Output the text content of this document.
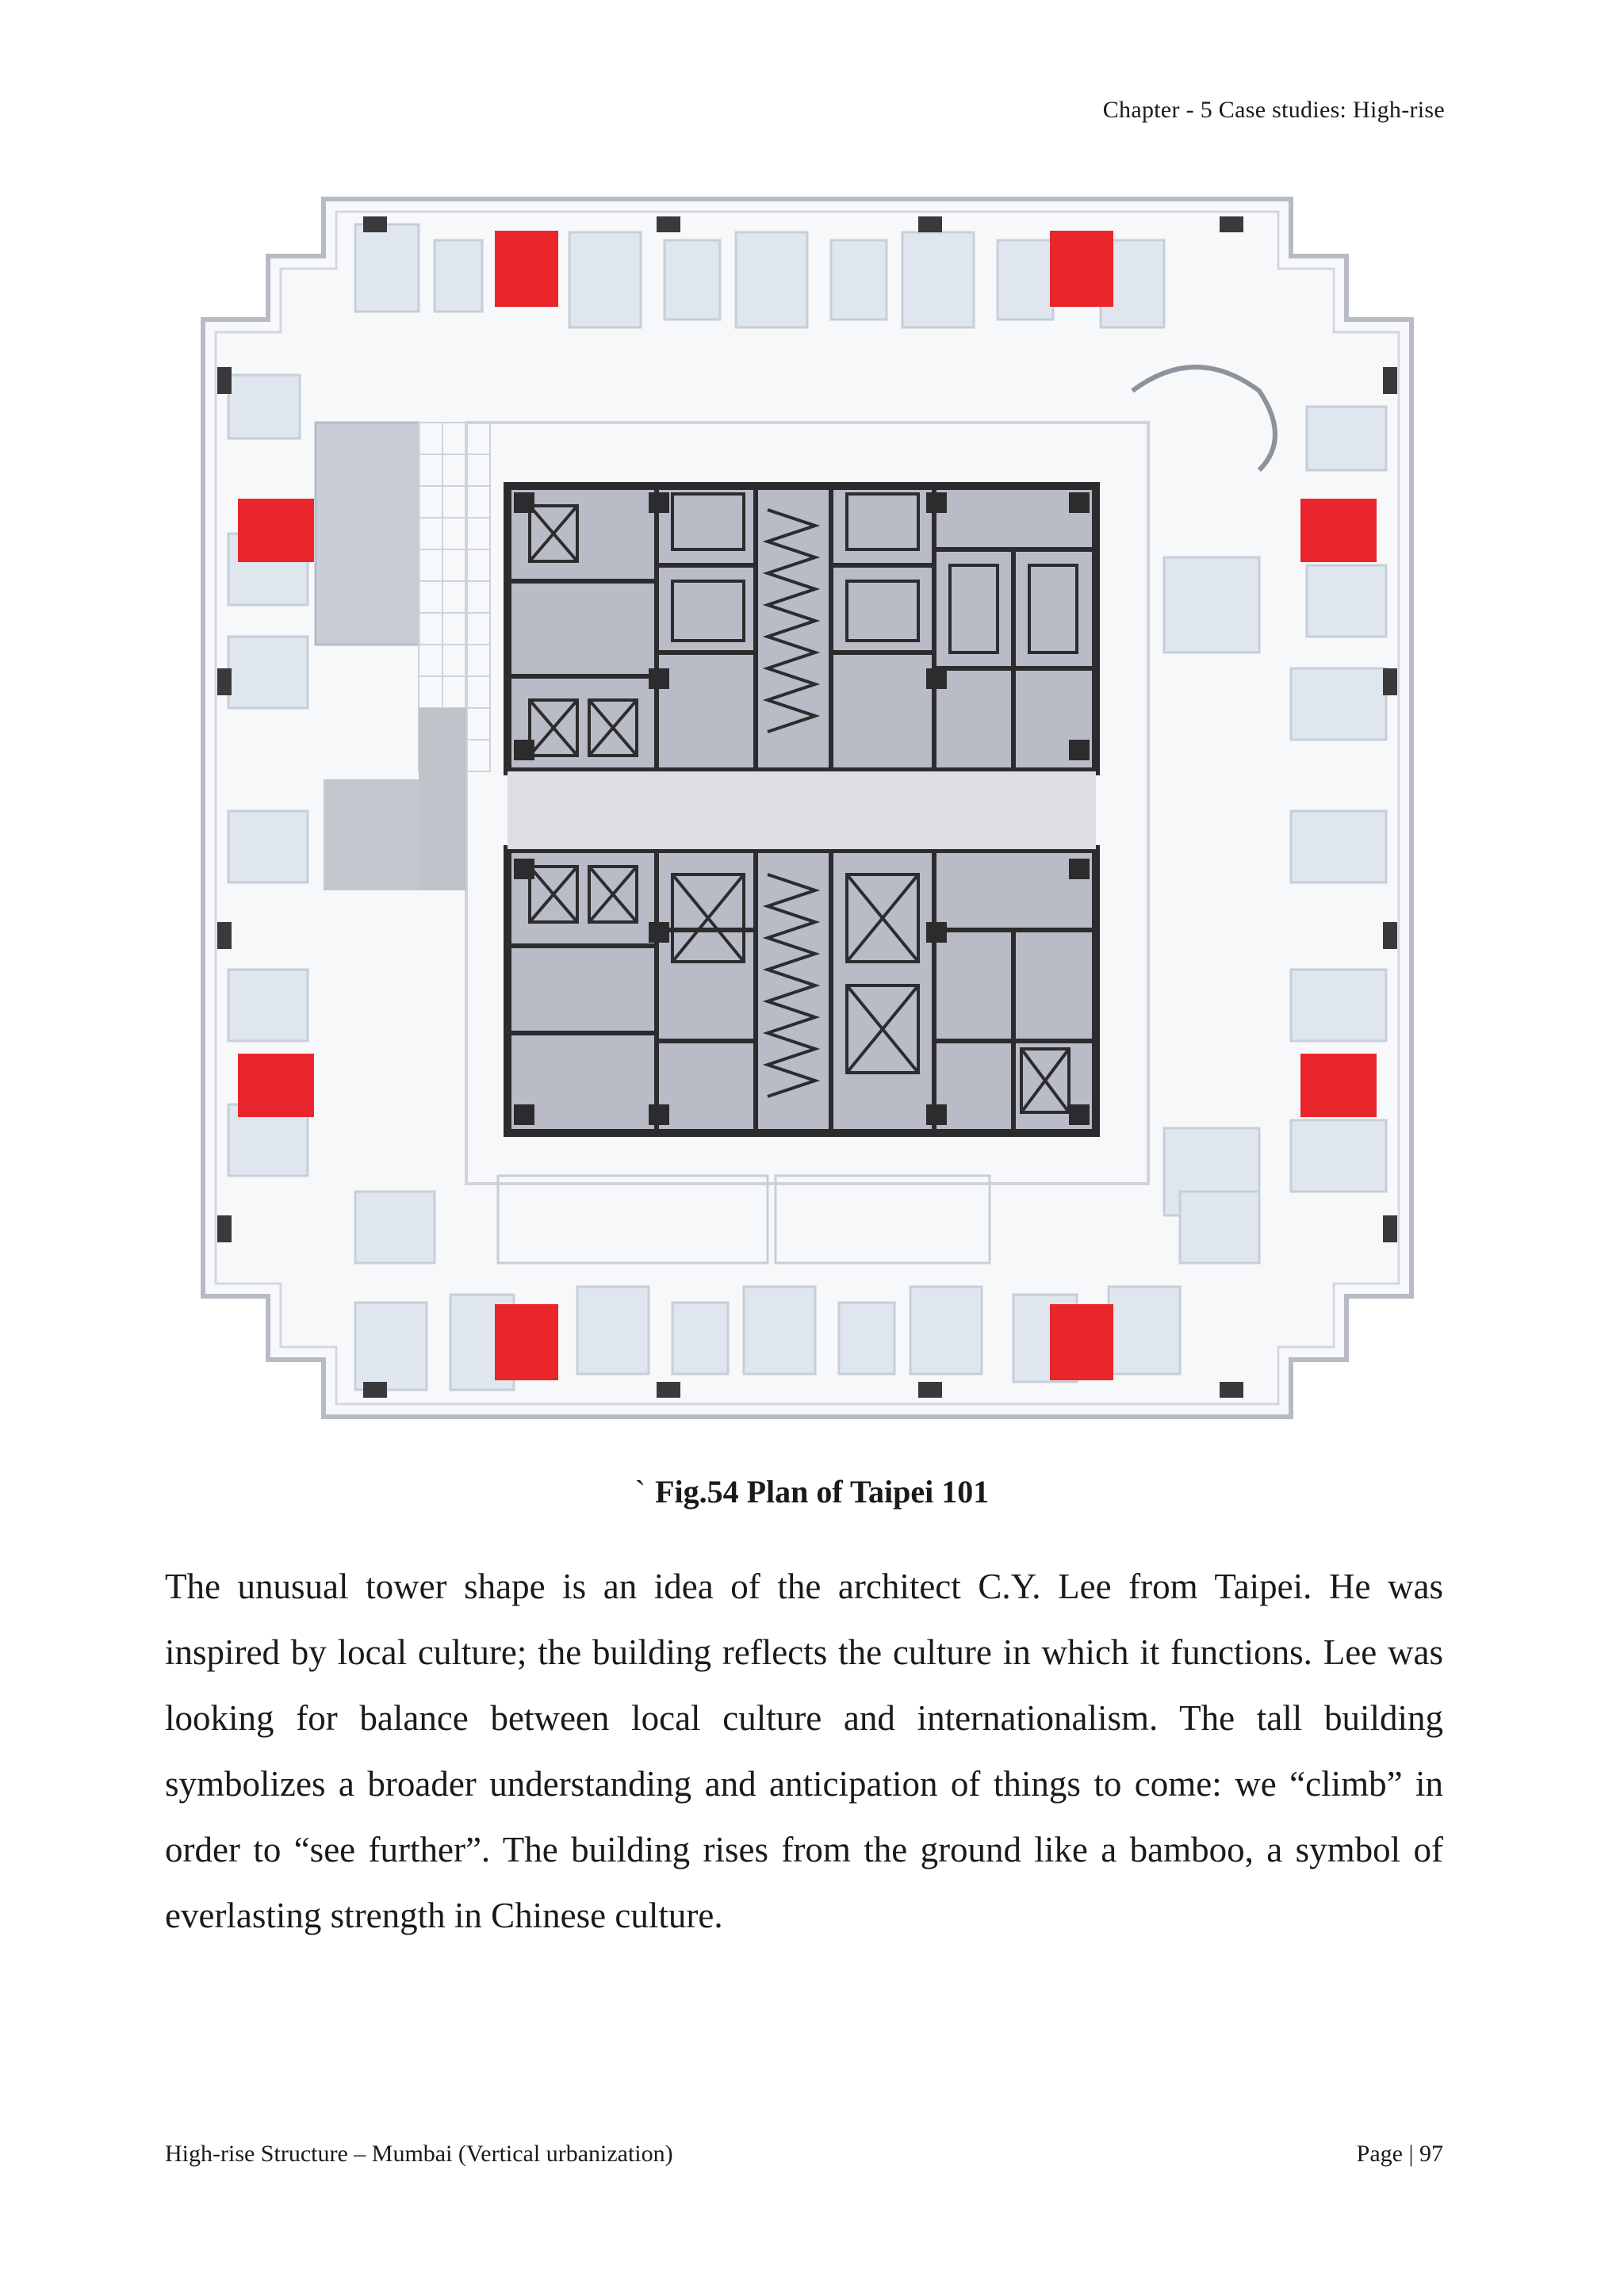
Chapter - 5 Case studies: High-rise
` Fig.54 Plan of Taipei 101

The unusual tower shape is an idea of the architect C.Y. Lee from Taipei. He was inspired by local culture; the building reflects the culture in which it functions. Lee was looking for balance between local culture and internationalism. The tall building symbolizes a broader understanding and anticipation of things to come: we “climb” in order to “see further”. The building rises from the ground like a bamboo, a symbol of everlasting strength in Chinese culture.

High-rise Structure – Mumbai (Vertical urbanization)	Page | 97
